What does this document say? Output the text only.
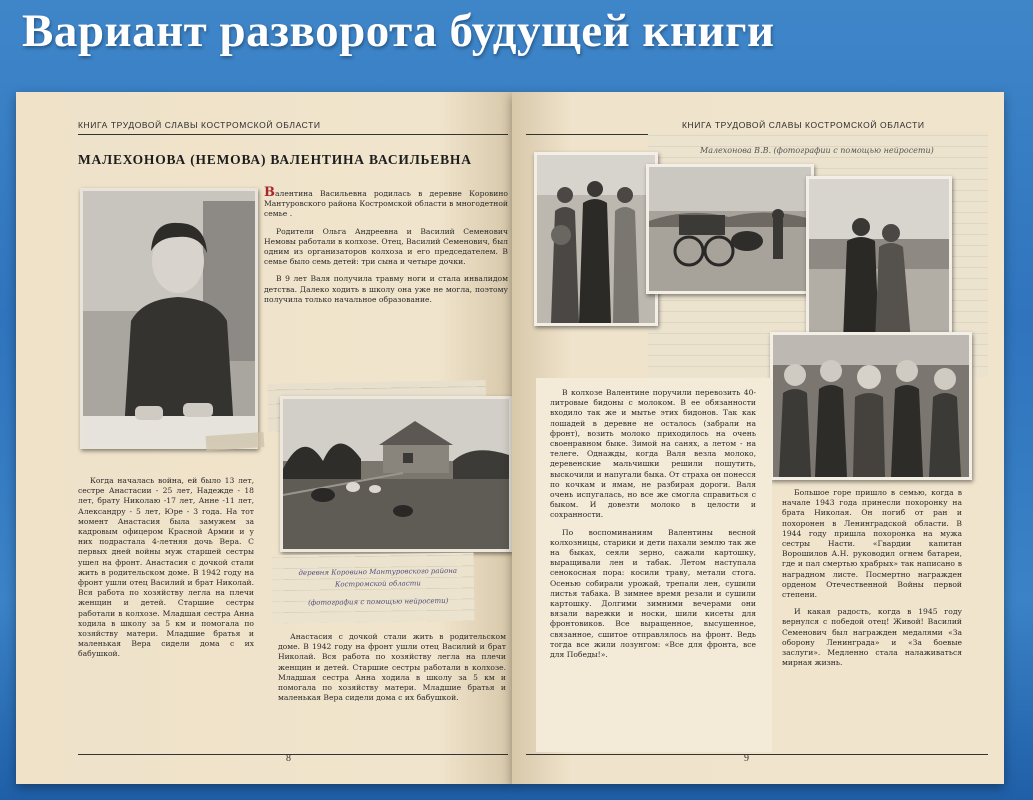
Вариант разворота будущей книги
КНИГА ТРУДОВОЙ СЛАВЫ КОСТРОМСКОЙ ОБЛАСТИ
МАЛЕХОНОВА (НЕМОВА) ВАЛЕНТИНА ВАСИЛЬЕВНА

Валентина Васильевна родилась в деревне Коровино Мантуровского района Костромской области в многодетной семье .

Родители Ольга Андреевна и Василий Семенович Немовы работали в колхозе. Отец, Василий Семенович, был одним из организаторов колхоза и его председателем. В семье было семь детей: три сына и четыре дочки.

В 9 лет Валя получила травму ноги и стала инвалидом детства. Далеко ходить в школу она уже не могла, поэтому получила только начальное образование.

Когда началась война, ей было 13 лет, сестре Анастасии - 25 лет, Надежде - 18 лет, брату Николаю -17 лет, Анне -11 лет, Александру - 5 лет, Юре - 3 года. На тот момент Анастасия была замужем за кадровым офицером Красной Армии и у них подрастала 4-летняя дочь Вера. С первых дней войны муж старшей сестры ушел на фронт. Анастасия с дочкой стали жить в родительском доме. В 1942 году на фронт ушли отец Василий и брат Николай. Вся работа по хозяйству легла на плечи женщин и детей. Старшие сестры работали в колхозе. Младшая сестра Анна ходила в школу за 5 км и помогала по хозяйству матери. Младшие братья и маленькая Вера сидели дома с их бабушкой.

деревня Коровино Мантуровского района
Костромской области
(фотография с помощью нейросети)

Анастасия с дочкой стали жить в родительском доме. В 1942 году на фронт ушли отец Василий и брат Николай. Вся работа по хозяйству легла на плечи женщин и детей. Старшие сестры работали в колхозе. Младшая сестра Анна ходила в школу за 5 км и помогала по хозяйству матери. Младшие братья и маленькая Вера сидели дома с их бабушкой.

8
КНИГА ТРУДОВОЙ СЛАВЫ КОСТРОМСКОЙ ОБЛАСТИ
Малехонова В.В. (фотографии с помощью нейросети)

В колхозе Валентине поручили перевозить 40-литровые бидоны с молоком. В ее обязанности входило так же и мытье этих бидонов. Так как лошадей в деревне не осталось (забрали на фронт), возить молоко приходилось на очень своенравном быке. Зимой на санях, а летом - на телеге. Однажды, когда Валя везла молоко, деревенские мальчишки решили пошутить, выскочили и напугали быка. От страха он понесся по кочкам и ямам, не разбирая дороги. Валя очень испугалась, но все же смогла справиться с быком. И довезти молоко в целости и сохранности.

По воспоминаниям Валентины весной колхозницы, старики и дети пахали землю так же на быках, сеяли зерно, сажали картошку, выращивали лен и табак. Летом наступала сенокосная пора: косили траву, метали стога. Осенью собирали урожай, трепали лен, сушили листья табака. В зимнее время резали и сушили картошку. Долгими зимними вечерами они вязали варежки и носки, шили кисеты для фронтовиков. Все выращенное, высушенное, связанное, сшитое отправлялось на фронт. Ведь тогда все жили лозунгом: «Все для фронта, все для Победы!».

Большое горе пришло в семью, когда в начале 1943 года принесли похоронку на брата Николая. Он погиб от ран и похоронен в Ленинградской области. В 1944 году пришла похоронка на мужа сестры Насти. «Гвардии капитан Ворошилов А.Н. руководил огнем батареи, где и пал смертью храбрых» так написано в наградном листе. Посмертно награжден орденом Отечественной Войны первой степени.

И какая радость, когда в 1945 году вернулся с победой отец! Живой! Василий Семенович был награжден медалями «За оборону Ленинграда» и «За боевые заслуги». Медленно стала налаживаться мирная жизнь.

9
